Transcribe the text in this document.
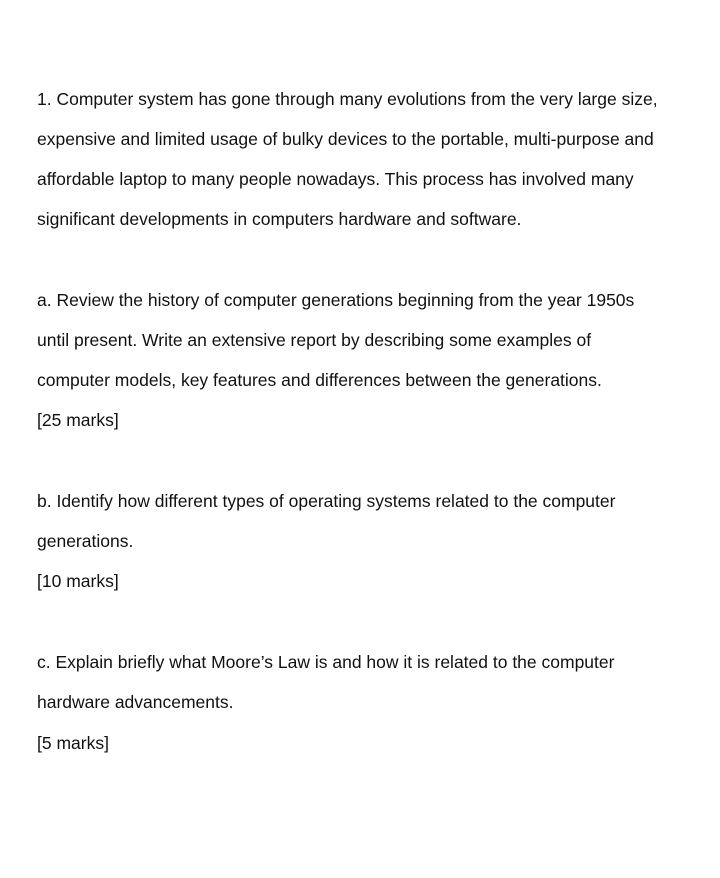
1. Computer system has gone through many evolutions from the very large size,
expensive and limited usage of bulky devices to the portable, multi-purpose and
affordable laptop to many people nowadays. This process has involved many
significant developments in computers hardware and software.
a. Review the history of computer generations beginning from the year 1950s
until present. Write an extensive report by describing some examples of
computer models, key features and differences between the generations.
[25 marks]
b. Identify how different types of operating systems related to the computer
generations.
[10 marks]
c. Explain briefly what Moore’s Law is and how it is related to the computer
hardware advancements.
[5 marks]
